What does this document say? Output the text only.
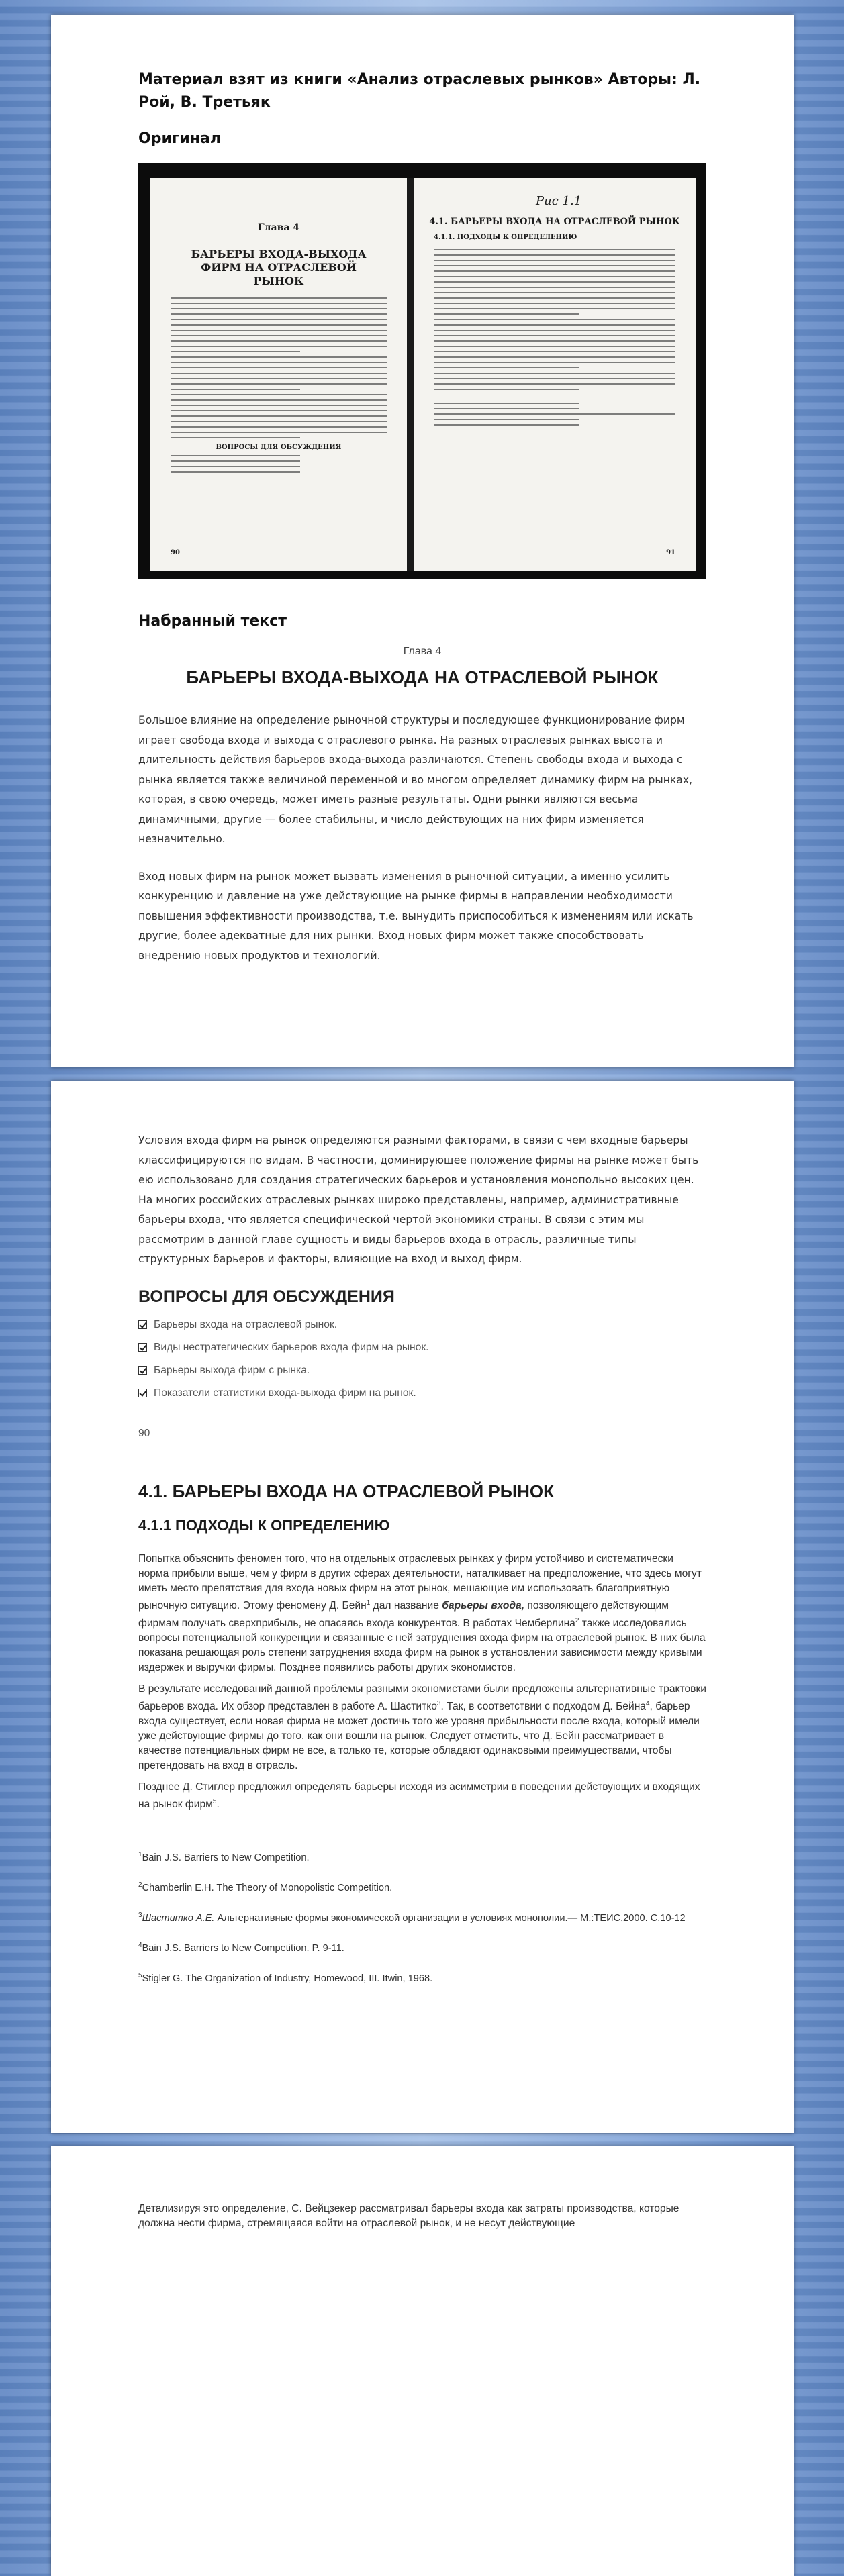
Материал взят из книги «Анализ отраслевых рынков» Авторы: Л. Рой, В. Третьяк
Оригинал
Глава 4
БАРЬЕРЫ ВХОДА-ВЫХОДА ФИРМ НА ОТРАСЛЕВОЙ РЫНОК
ВОПРОСЫ ДЛЯ ОБСУЖДЕНИЯ
90
Рис 1.1
4.1. БАРЬЕРЫ ВХОДА НА ОТРАСЛЕВОЙ РЫНОК
4.1.1. ПОДХОДЫ К ОПРЕДЕЛЕНИЮ
91
Набранный текст
Глава 4
БАРЬЕРЫ ВХОДА-ВЫХОДА НА ОТРАСЛЕВОЙ РЫНОК

Большое влияние на определение рыночной структуры и последующее функционирование фирм играет свобода входа и выхода с отраслевого рынка. На разных отраслевых рынках высота и длительность действия барьеров входа-выхода различаются. Степень свободы входа и выхода с рынка является также величиной переменной и во многом определяет динамику фирм на рынках, которая, в свою очередь, может иметь разные результаты. Одни рынки являются весьма динамичными, другие — более стабильны, и число действующих на них фирм изменяется незначительно.

Вход новых фирм на рынок может вызвать изменения в рыночной ситуации, а именно усилить конкуренцию и давление на уже действующие на рынке фирмы в направлении необходимости повышения эффективности производства, т.е. вынудить приспособиться к изменениям или искать другие, более адекватные для них рынки. Вход новых фирм может также способствовать внедрению новых продуктов и технологий.

Условия входа фирм на рынок определяются разными факторами, в связи с чем входные барьеры классифицируются по видам. В частности, доминирующее положение фирмы на рынке может быть ею использовано для создания стратегических барьеров и установления монопольно высоких цен. На многих российских отраслевых рынках широко представлены, например, административные барьеры входа, что является специфической чертой экономики страны. В связи с этим мы рассмотрим в данной главе сущность и виды барьеров входа в отрасль, различные типы структурных барьеров и факторы, влияющие на вход и выход фирм.

ВОПРОСЫ ДЛЯ ОБСУЖДЕНИЯ
Барьеры входа на отраслевой рынок.
Виды нестратегических барьеров входа фирм на рынок.
Барьеры выхода фирм с рынка.
Показатели статистики входа-выхода фирм на рынок.
90
4.1. БАРЬЕРЫ ВХОДА НА ОТРАСЛЕВОЙ РЫНОК
4.1.1 ПОДХОДЫ К ОПРЕДЕЛЕНИЮ

Попытка объяснить феномен того, что на отдельных отраслевых рынках у фирм устойчиво и систематически норма прибыли выше, чем у фирм в других сферах деятельности, наталкивает на предположение, что здесь могут иметь место препятствия для входа новых фирм на этот рынок, мешающие им использовать благоприятную рыночную ситуацию. Этому феномену Д. Бейн$^1$ дал название барьеры входа, позволяющего действующим фирмам получать сверхприбыль, не опасаясь входа конкурентов. В работах Чемберлина$^2$ также исследовались вопросы потенциальной конкуренции и связанные с ней затруднения входа фирм на отраслевой рынок. В них была показана решающая роль степени затруднения входа фирм на рынок в установлении зависимости между кривыми издержек и выручки фирмы. Позднее появились работы других экономистов.

В результате исследований данной проблемы разными экономистами были предложены альтернативные трактовки барьеров входа. Их обзор представлен в работе А. Шаститко$^3$. Так, в соответствии с подходом Д. Бейна$^4$, барьер входа существует, если новая фирма не может достичь того же уровня прибыльности после входа, который имели уже действующие фирмы до того, как они вошли на рынок. Следует отметить, что Д. Бейн рассматривает в качестве потенциальных фирм не все, а только те, которые обладают одинаковыми преимуществами, чтобы претендовать на вход в отрасль.

Позднее Д. Стиглер предложил определять барьеры исходя из асимметрии в поведении действующих и входящих на рынок фирм$^5$.

$^1$Bain J.S. Barriers to New Competition.

$^2$Chamberlin E.H. The Theory of Monopolistic Competition.

$^3$Шаститко А.Е. Альтернативные формы экономической организации в условиях монополии.— М.:ТЕИС,2000. С.10-12

$^4$Bain J.S. Barriers to New Competition. P. 9-11.

$^5$Stigler G. The Organization of Industry, Homewood, III. Itwin, 1968.

Детализируя это определение, С. Вейцзекер рассматривал барьеры входа как затраты производства, которые должна нести фирма, стремящаяся войти на отраслевой рынок, и не несут действующие
